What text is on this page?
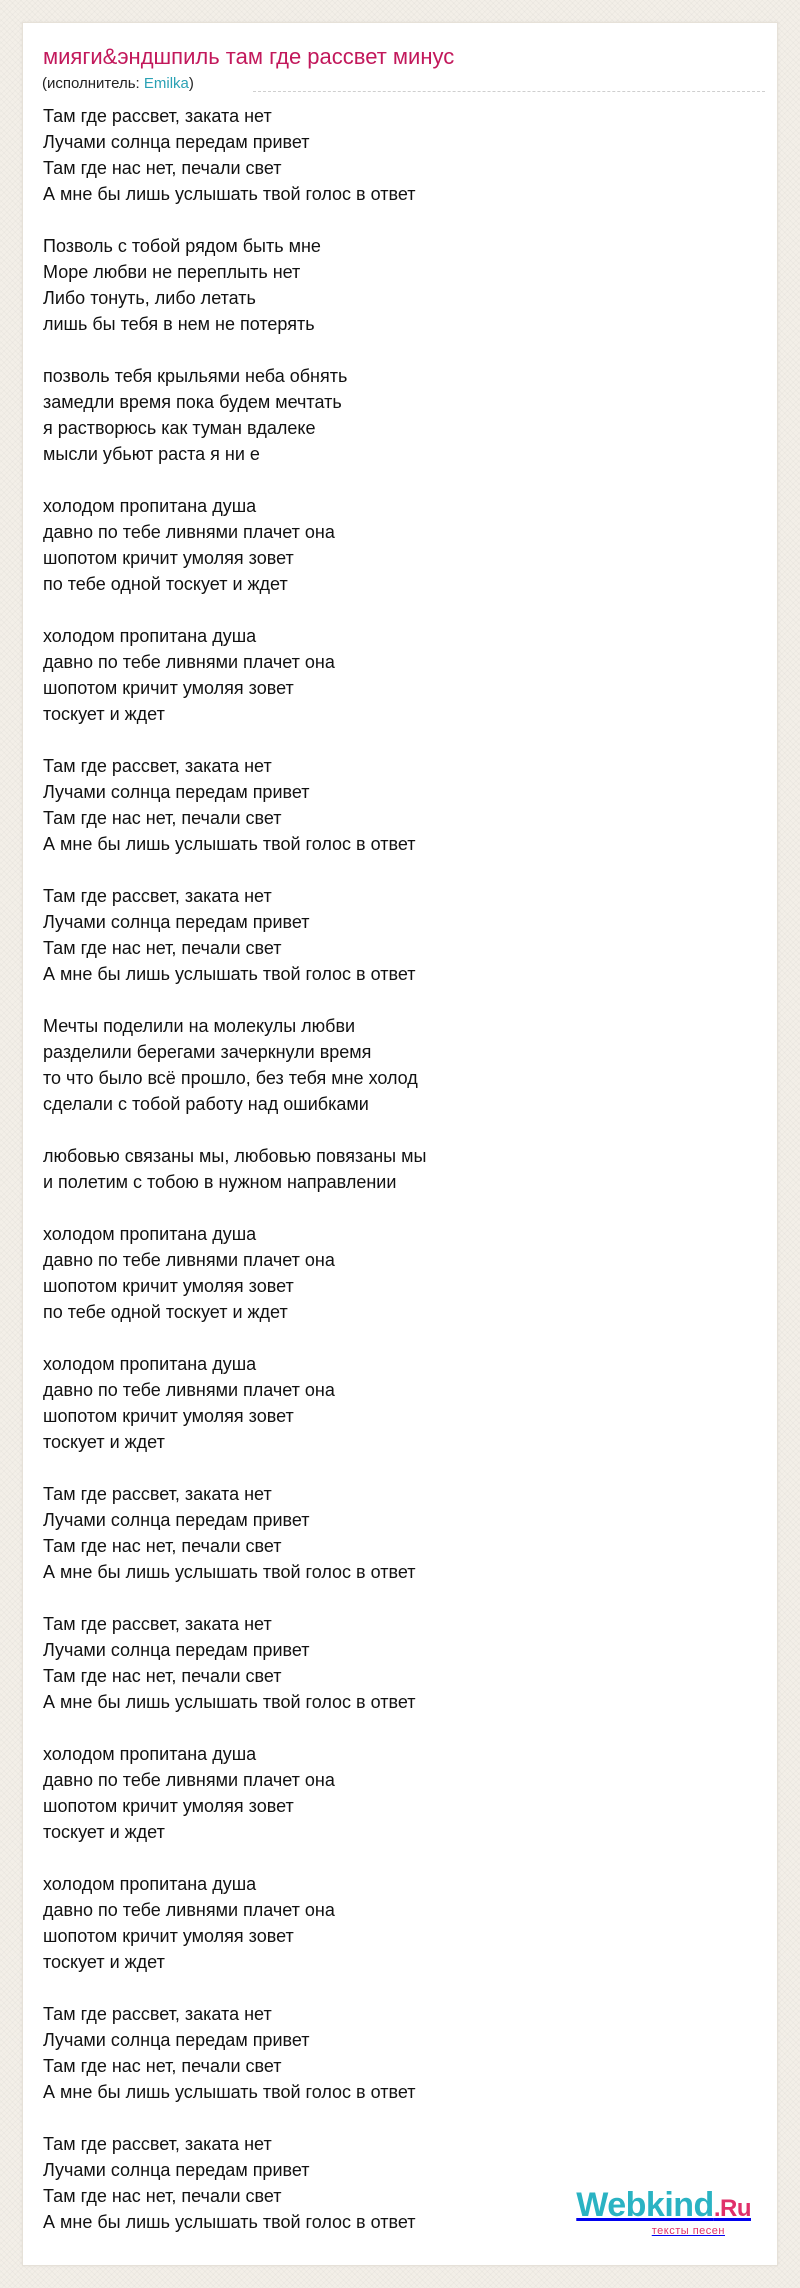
мияги&эндшпиль там где рассвет минус
(исполнитель: Emilka)
Там где рассвет, заката нет
Лучами солнца передам привет
Там где нас нет, печали свет
А мне бы лишь услышать твой голос в ответ
Позволь с тобой рядом быть мне
Море любви не переплыть нет
Либо тонуть, либо летать
лишь бы тебя в нем не потерять
позволь тебя крыльями неба обнять
замедли время пока будем мечтать
я растворюсь как туман вдалеке
мысли убьют раста я ни е
холодом пропитана душа
давно по тебе ливнями плачет она
шопотом кричит умоляя зовет
по тебе одной тоскует и ждет
холодом пропитана душа
давно по тебе ливнями плачет она
шопотом кричит умоляя зовет
тоскует и ждет
Там где рассвет, заката нет
Лучами солнца передам привет
Там где нас нет, печали свет
А мне бы лишь услышать твой голос в ответ
Там где рассвет, заката нет
Лучами солнца передам привет
Там где нас нет, печали свет
А мне бы лишь услышать твой голос в ответ
Мечты поделили на молекулы любви
разделили берегами зачеркнули время
то что было всё прошло, без тебя мне холод
сделали с тобой работу над ошибками
любовью связаны мы, любовью повязаны мы
и полетим с тобою в нужном направлении
холодом пропитана душа
давно по тебе ливнями плачет она
шопотом кричит умоляя зовет
по тебе одной тоскует и ждет
холодом пропитана душа
давно по тебе ливнями плачет она
шопотом кричит умоляя зовет
тоскует и ждет
Там где рассвет, заката нет
Лучами солнца передам привет
Там где нас нет, печали свет
А мне бы лишь услышать твой голос в ответ
Там где рассвет, заката нет
Лучами солнца передам привет
Там где нас нет, печали свет
А мне бы лишь услышать твой голос в ответ
холодом пропитана душа
давно по тебе ливнями плачет она
шопотом кричит умоляя зовет
тоскует и ждет
холодом пропитана душа
давно по тебе ливнями плачет она
шопотом кричит умоляя зовет
тоскует и ждет
Там где рассвет, заката нет
Лучами солнца передам привет
Там где нас нет, печали свет
А мне бы лишь услышать твой голос в ответ
Там где рассвет, заката нет
Лучами солнца передам привет
Там где нас нет, печали свет
А мне бы лишь услышать твой голос в ответ	Webkind.Ru
тексты песен
